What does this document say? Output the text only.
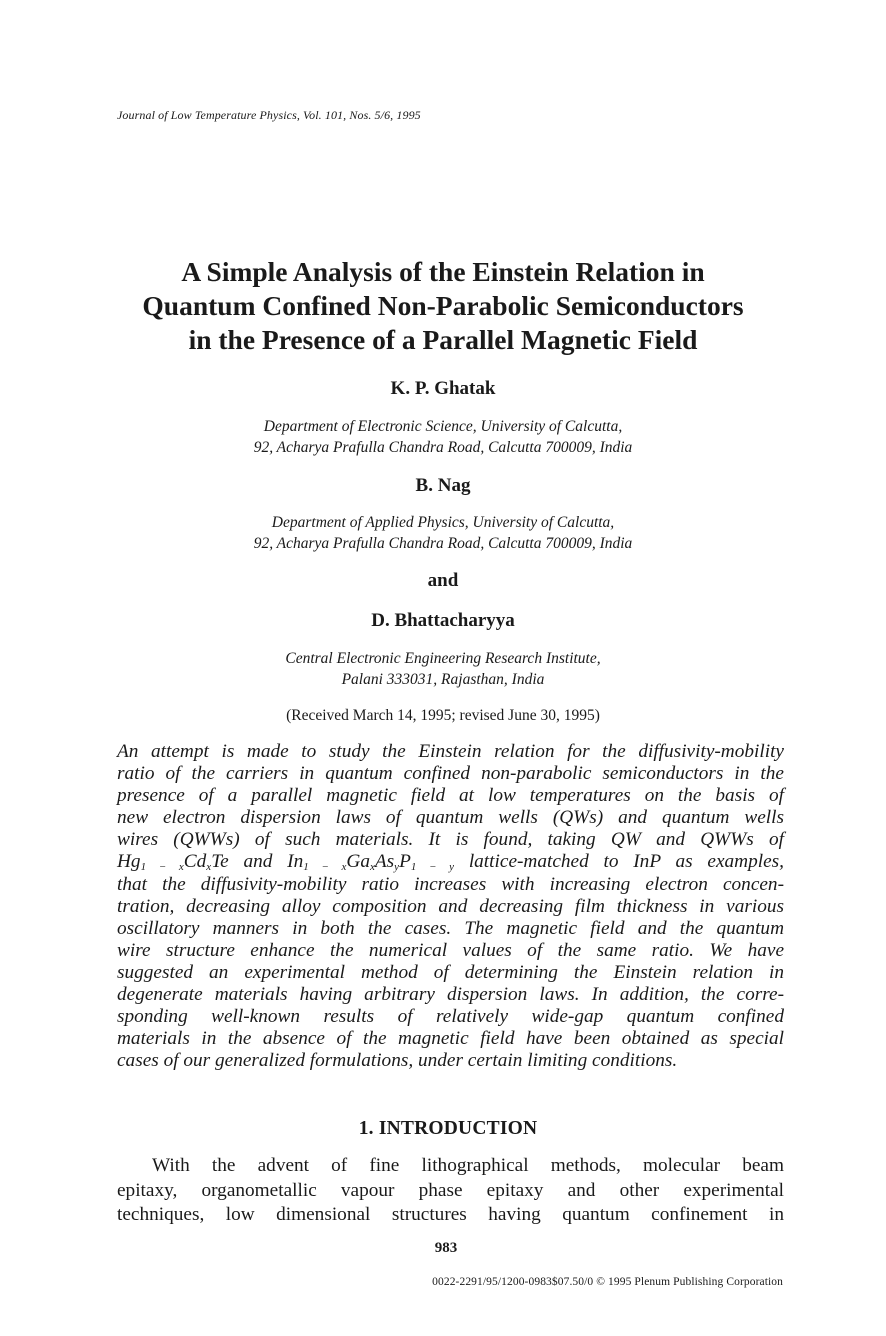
Journal of Low Temperature Physics, Vol. 101, Nos. 5/6, 1995
A Simple Analysis of the Einstein Relation in
Quantum Confined Non-Parabolic Semiconductors
in the Presence of a Parallel Magnetic Field
K. P. Ghatak
Department of Electronic Science, University of Calcutta,
92, Acharya Prafulla Chandra Road, Calcutta 700009, India
B. Nag
Department of Applied Physics, University of Calcutta,
92, Acharya Prafulla Chandra Road, Calcutta 700009, India
and
D. Bhattacharyya
Central Electronic Engineering Research Institute,
Palani 333031, Rajasthan, India
(Received March 14, 1995; revised June 30, 1995)
An attempt is made to study the Einstein relation for the diffusivity-mobility
ratio of the carriers in quantum confined non-parabolic semiconductors in the
presence of a parallel magnetic field at low temperatures on the basis of
new electron dispersion laws of quantum wells (QWs) and quantum wells
wires (QWWs) of such materials. It is found, taking QW and QWWs of
$Hg_{1 - x}Cd_xTe$ and $In_{1 - x}Ga_xAs_yP_{1 - y}$ lattice-matched to InP as examples,
that the diffusivity-mobility ratio increases with increasing electron concen-
tration, decreasing alloy composition and decreasing film thickness in various
oscillatory manners in both the cases. The magnetic field and the quantum
wire structure enhance the numerical values of the same ratio. We have
suggested an experimental method of determining the Einstein relation in
degenerate materials having arbitrary dispersion laws. In addition, the corre-
sponding well-known results of relatively wide-gap quantum confined
materials in the absence of the magnetic field have been obtained as special
cases of our generalized formulations, under certain limiting conditions.
1. INTRODUCTION
With the advent of fine lithographical methods, molecular beam
epitaxy, organometallic vapour phase epitaxy and other experimental
techniques, low dimensional structures having quantum confinement in
983
0022-2291/95/1200-0983$07.50/0 © 1995 Plenum Publishing Corporation
